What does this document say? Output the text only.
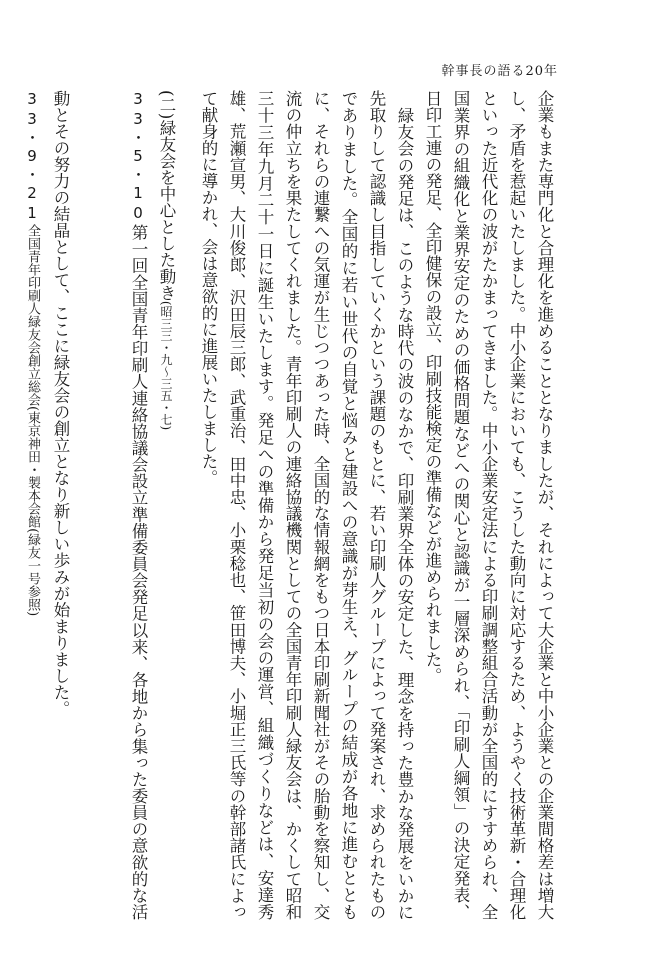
幹事長の語る20年

企業もまた専門化と合理化を進めることとなりましたが、それによって大企業と中小企業との企業間格差は増大し、矛盾を惹起いたしました。中小企業においても、こうした動向に対応するため、ようやく技術革新・合理化といった近代化の波がたかまってきました。中小企業安定法による印刷調整組合活動が全国的にすすめられ、全国業界の組織化と業界安定のための価格問題などへの関心と認識が一層深められ、「印刷人綱領」の決定発表、日印工連の発足、全印健保の設立、印刷技能検定の準備などが進められました。

緑友会の発足は、このような時代の波のなかで、印刷業界全体の安定した、理念を持った豊かな発展をいかに先取りして認識し目指していくかという課題のもとに、若い印刷人グループによって発案され、求められたものでありました。全国的に若い世代の自覚と悩みと建設への意識が芽生え、グループの結成が各地に進むとともに、それらの連繋への気運が生じつつあった時、全国的な情報網をもつ日本印刷新聞社がその胎動を察知し、交流の仲立ちを果たしてくれました。青年印刷人の連絡協議機関としての全国青年印刷人緑友会は、かくして昭和三十三年九月二十一日に誕生いたします。発足への準備から発足当初の会の運営、組織づくりなどは、安達秀雄、荒瀬宣男、大川俊郎、沢田辰三郎、武重治、田中忠、小栗稔也、笹田博夫、小堀正三氏等の幹部諸氏によって献身的に導かれ、会は意欲的に進展いたしました。

(二)緑友会を中心とした動き(昭三三・九〜三五・七)

33・5・10第一回全国青年印刷人連絡協議会設立準備委員会発足以来、各地から集った委員の意欲的な活動とその努力の結晶として、ここに緑友会の創立となり新しい歩みが始まりました。

33・9・21全国青年印刷人緑友会創立総会(東京神田・製本会館(緑友一号参照)
